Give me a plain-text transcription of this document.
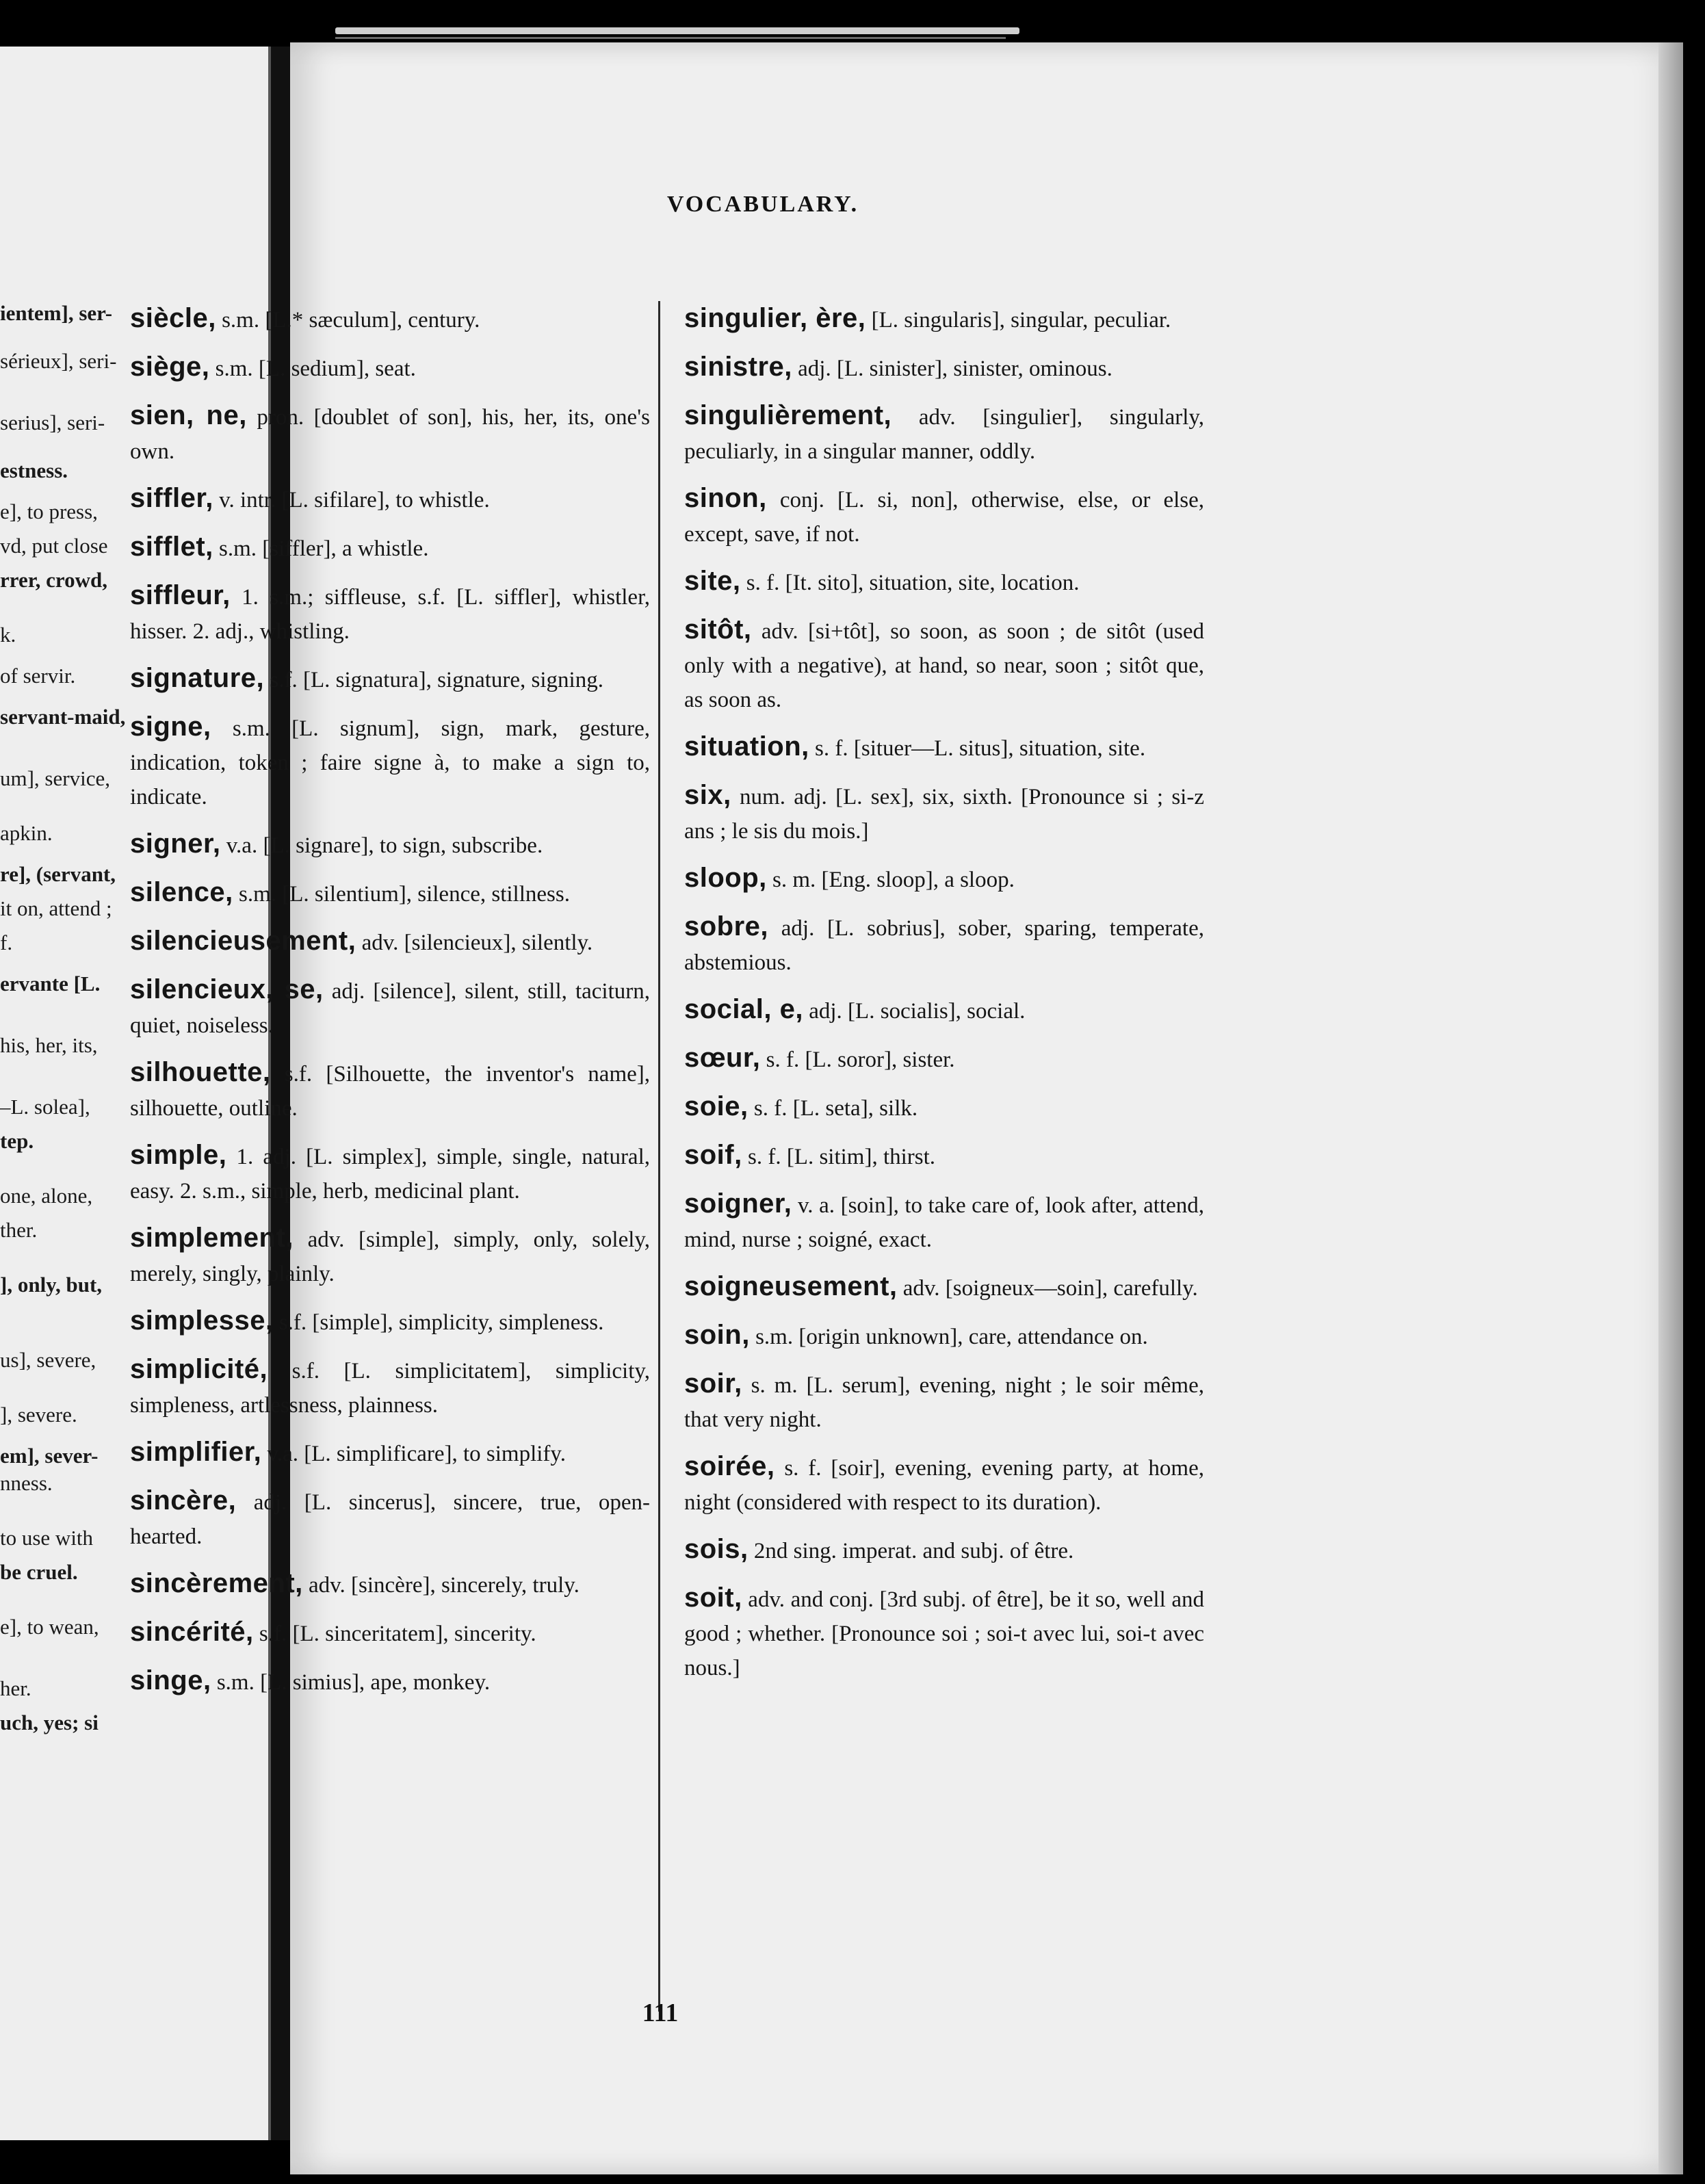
ientem], ser-

sérieux], seri-

serius], seri-

estness.

e], to press,

vd, put close

rrer, crowd,

k.

of servir.

servant-maid,

um], service,

apkin.

re], (servant,

it on, attend ;

f.

ervante [L.

his, her, its,

–L. solea],

tep.

one, alone,

ther.

], only, but,

us], severe,

], severe.

em], sever-

nness.

to use with

be cruel.

e], to wean,

her.

uch, yes; si

VOCABULARY.

siècle, s.m. [L.* sæculum], century.

siège, s.m. [L. sedium], seat.

sien, ne, pron. [doublet of son], his, her, its, one's own.

siffler, v. intr. [L. sifilare], to whistle.

sifflet, s.m. [siffler], a whistle.

siffleur, 1. s.m.; siffleuse, s.f. [L. siffler], whistler, hisser. 2. adj., whistling.

signature, s.f. [L. signatura], signature, signing.

signe, s.m. [L. signum], sign, mark, gesture, indication, token ; faire signe à, to make a sign to, indicate.

signer, v.a. [L. signare], to sign, subscribe.

silence, s.m. [L. silentium], silence, stillness.

silencieusement, adv. [silencieux], silently.

silencieux, se, adj. [silence], silent, still, taciturn, quiet, noiseless.

silhouette, s.f. [Silhouette, the inventor's name], silhouette, outline.

simple, 1. adj. [L. simplex], simple, single, natural, easy. 2. s.m., simple, herb, medicinal plant.

simplement, adv. [simple], simply, only, solely, merely, singly, plainly.

simplesse, s.f. [simple], simplicity, simpleness.

simplicité, s.f. [L. simplicitatem], simplicity, simpleness, artlessness, plainness.

simplifier, v.a. [L. simplificare], to simplify.

sincère, adj. [L. sincerus], sincere, true, open-hearted.

sincèrement, adv. [sincère], sincerely, truly.

sincérité, s.f. [L. sinceritatem], sincerity.

singe, s.m. [L. simius], ape, monkey.

singulier, ère, [L. singularis], singular, peculiar.

sinistre, adj. [L. sinister], sinister, ominous.

singulièrement, adv. [singulier], singularly, peculiarly, in a singular manner, oddly.

sinon, conj. [L. si, non], otherwise, else, or else, except, save, if not.

site, s. f. [It. sito], situation, site, location.

sitôt, adv. [si+tôt], so soon, as soon ; de sitôt (used only with a negative), at hand, so near, soon ; sitôt que, as soon as.

situation, s. f. [situer—L. situs], situation, site.

six, num. adj. [L. sex], six, sixth. [Pronounce si ; si-z ans ; le sis du mois.]

sloop, s. m. [Eng. sloop], a sloop.

sobre, adj. [L. sobrius], sober, sparing, temperate, abstemious.

social, e, adj. [L. socialis], social.

sœur, s. f. [L. soror], sister.

soie, s. f. [L. seta], silk.

soif, s. f. [L. sitim], thirst.

soigner, v. a. [soin], to take care of, look after, attend, mind, nurse ; soigné, exact.

soigneusement, adv. [soigneux—soin], carefully.

soin, s.m. [origin unknown], care, attendance on.

soir, s. m. [L. serum], evening, night ; le soir même, that very night.

soirée, s. f. [soir], evening, evening party, at home, night (considered with respect to its duration).

sois, 2nd sing. imperat. and subj. of être.

soit, adv. and conj. [3rd subj. of être], be it so, well and good ; whether. [Pronounce soi ; soi-t avec lui, soi-t avec nous.]

111
